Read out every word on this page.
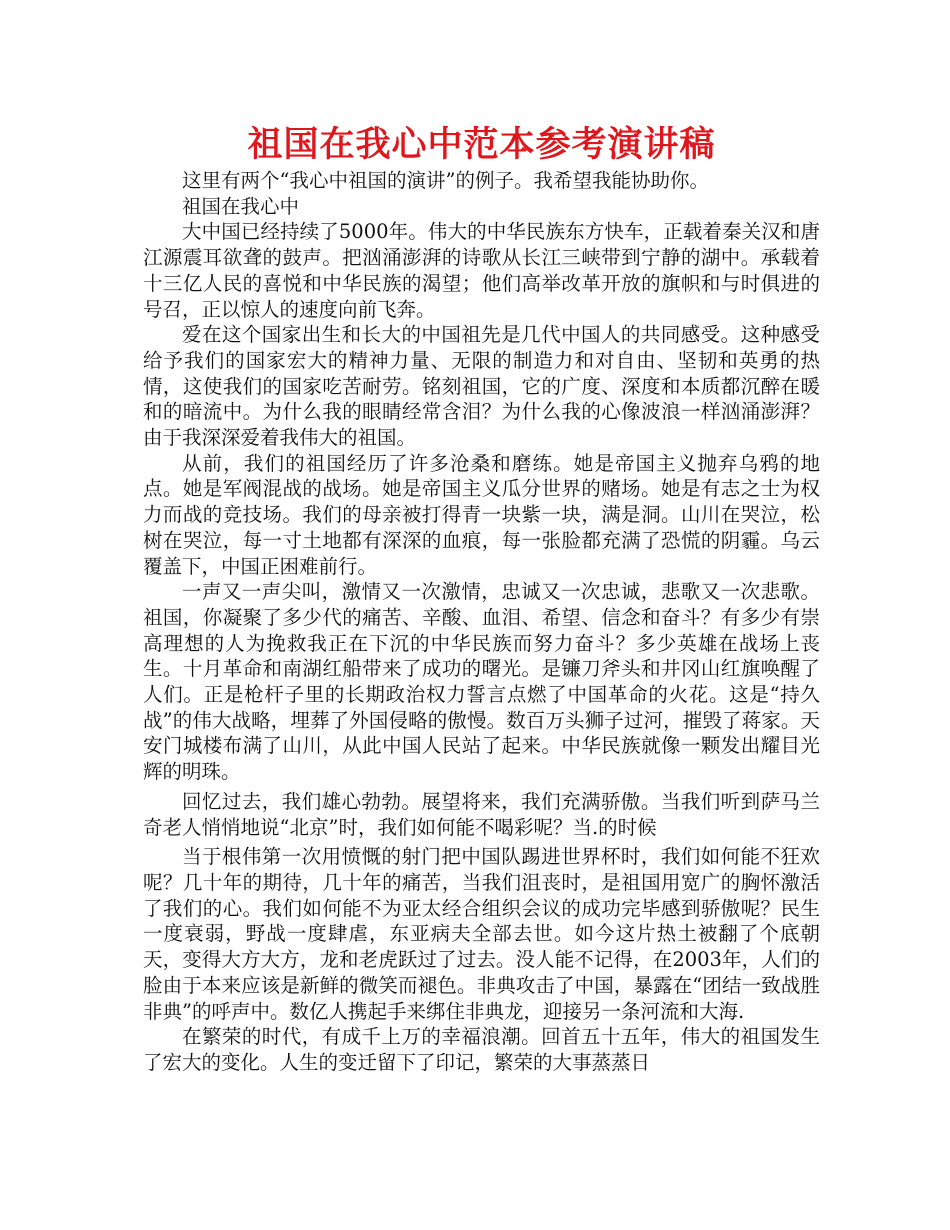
祖国在我心中范本参考演讲稿

这里有两个“我心中祖国的演讲”的例子。我希望我能协助你。

祖国在我心中

大中国已经持续了5000年。伟大的中华民族东方快车，正载着秦关汉和唐江源震耳欲聋的鼓声。把汹涌澎湃的诗歌从长江三峡带到宁静的湖中。承载着十三亿人民的喜悦和中华民族的渴望；他们高举改革开放的旗帜和与时俱进的号召，正以惊人的速度向前飞奔。

爱在这个国家出生和长大的中国祖先是几代中国人的共同感受。这种感受给予我们的国家宏大的精神力量、无限的制造力和对自由、坚韧和英勇的热情，这使我们的国家吃苦耐劳。铭刻祖国，它的广度、深度和本质都沉醉在暖和的暗流中。为什么我的眼睛经常含泪？为什么我的心像波浪一样汹涌澎湃？由于我深深爱着我伟大的祖国。

从前，我们的祖国经历了许多沧桑和磨练。她是帝国主义抛弃乌鸦的地点。她是军阀混战的战场。她是帝国主义瓜分世界的赌场。她是有志之士为权力而战的竞技场。我们的母亲被打得青一块紫一块，满是洞。山川在哭泣，松树在哭泣，每一寸土地都有深深的血痕，每一张脸都充满了恐慌的阴霾。乌云覆盖下，中国正困难前行。

一声又一声尖叫，激情又一次激情，忠诚又一次忠诚，悲歌又一次悲歌。祖国，你凝聚了多少代的痛苦、辛酸、血泪、希望、信念和奋斗？有多少有崇高理想的人为挽救我正在下沉的中华民族而努力奋斗？多少英雄在战场上丧生。十月革命和南湖红船带来了成功的曙光。是镰刀斧头和井冈山红旗唤醒了人们。正是枪杆子里的长期政治权力誓言点燃了中国革命的火花。这是“持久战”的伟大战略，埋葬了外国侵略的傲慢。数百万头狮子过河，摧毁了蒋家。天安门城楼布满了山川，从此中国人民站了起来。中华民族就像一颗发出耀目光辉的明珠。

回忆过去，我们雄心勃勃。展望将来，我们充满骄傲。当我们听到萨马兰奇老人悄悄地说“北京”时，我们如何能不喝彩呢？当.的时候

当于根伟第一次用愤慨的射门把中国队踢进世界杯时，我们如何能不狂欢呢？几十年的期待，几十年的痛苦，当我们沮丧时，是祖国用宽广的胸怀激活了我们的心。我们如何能不为亚太经合组织会议的成功完毕感到骄傲呢？民生一度衰弱，野战一度肆虐，东亚病夫全部去世。如今这片热土被翻了个底朝天，变得大方大方，龙和老虎跃过了过去。没人能不记得，在2003年，人们的脸由于本来应该是新鲜的微笑而褪色。非典攻击了中国，暴露在“团结一致战胜非典”的呼声中。数亿人携起手来绑住非典龙，迎接另一条河流和大海.

在繁荣的时代，有成千上万的幸福浪潮。回首五十五年，伟大的祖国发生了宏大的变化。人生的变迁留下了印记，繁荣的大事蒸蒸日
